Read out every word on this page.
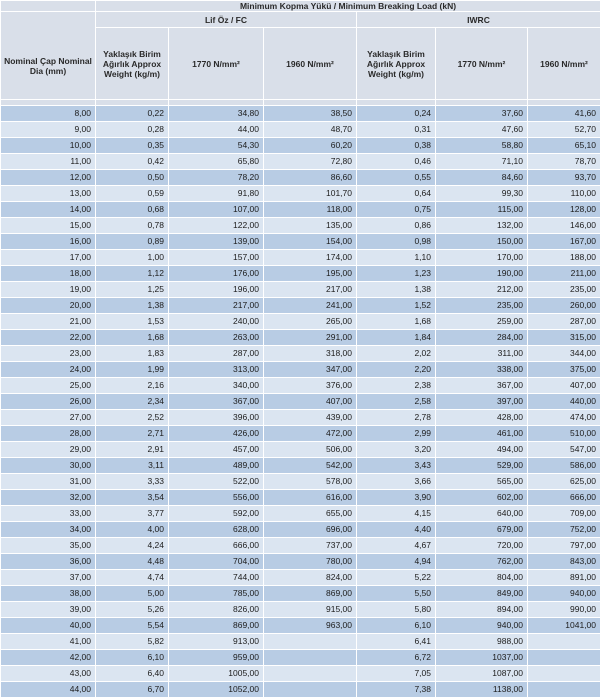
	Minimum Kopma Yükü / Minimum Breaking Load (kN)					
Nominal Çap Nominal Dia (mm)	Lif Öz / FC			IWRC		
	Yaklaşık Birim Ağırlık Approx Weight (kg/m)	1770 N/mm²	1960 N/mm²	Yaklaşık Birim Ağırlık Approx Weight (kg/m)	1770 N/mm²	1960 N/mm²

8,00	0,22	34,80	38,50	0,24	37,60	41,60
9,00	0,28	44,00	48,70	0,31	47,60	52,70
10,00	0,35	54,30	60,20	0,38	58,80	65,10
11,00	0,42	65,80	72,80	0,46	71,10	78,70
12,00	0,50	78,20	86,60	0,55	84,60	93,70
13,00	0,59	91,80	101,70	0,64	99,30	110,00
14,00	0,68	107,00	118,00	0,75	115,00	128,00
15,00	0,78	122,00	135,00	0,86	132,00	146,00
16,00	0,89	139,00	154,00	0,98	150,00	167,00
17,00	1,00	157,00	174,00	1,10	170,00	188,00
18,00	1,12	176,00	195,00	1,23	190,00	211,00
19,00	1,25	196,00	217,00	1,38	212,00	235,00
20,00	1,38	217,00	241,00	1,52	235,00	260,00
21,00	1,53	240,00	265,00	1,68	259,00	287,00
22,00	1,68	263,00	291,00	1,84	284,00	315,00
23,00	1,83	287,00	318,00	2,02	311,00	344,00
24,00	1,99	313,00	347,00	2,20	338,00	375,00
25,00	2,16	340,00	376,00	2,38	367,00	407,00
26,00	2,34	367,00	407,00	2,58	397,00	440,00
27,00	2,52	396,00	439,00	2,78	428,00	474,00
28,00	2,71	426,00	472,00	2,99	461,00	510,00
29,00	2,91	457,00	506,00	3,20	494,00	547,00
30,00	3,11	489,00	542,00	3,43	529,00	586,00
31,00	3,33	522,00	578,00	3,66	565,00	625,00
32,00	3,54	556,00	616,00	3,90	602,00	666,00
33,00	3,77	592,00	655,00	4,15	640,00	709,00
34,00	4,00	628,00	696,00	4,40	679,00	752,00
35,00	4,24	666,00	737,00	4,67	720,00	797,00
36,00	4,48	704,00	780,00	4,94	762,00	843,00
37,00	4,74	744,00	824,00	5,22	804,00	891,00
38,00	5,00	785,00	869,00	5,50	849,00	940,00
39,00	5,26	826,00	915,00	5,80	894,00	990,00
40,00	5,54	869,00	963,00	6,10	940,00	1041,00
41,00	5,82	913,00		6,41	988,00	
42,00	6,10	959,00		6,72	1037,00	
43,00	6,40	1005,00		7,05	1087,00	
44,00	6,70	1052,00		7,38	1138,00	
